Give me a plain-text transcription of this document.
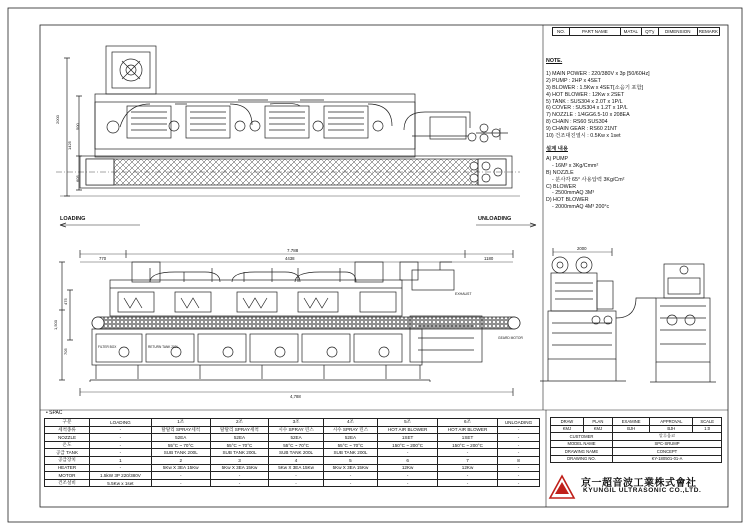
NO.	PART NAME	MATAL	QT'y	DIMENSION	REMARK
NOTE.
1) MAIN POWER : 220/380V x 3p [50/60Hz]
2) PUMP : 2HP x 4SET
3) BLOWER : 1.5Kw x 4SET[소음기 포함]
4) HOT BLOWER : 12Kw x 2SET
5) TANK : SUS304 x 2.0T x 1P/L
6) COVER : SUS304 x 1.2T x 1P/L
7) NOZZLE : 1/4GG6.5-10 x 208EA
8) CHAIN : RS60 SUS304
9) CHAIN GEAR : RS60 21NT
10) 건조대진열시 : 0.5Kw x 1set
설계 내용
A) PUMP
- 16M³ x 3Kg/Cmm²
B) NOZZLE
- 분사각 65° 사용압력 3Kg/Cm²
C) BLOWER
- 2500mmAQ 3M³
D) HOT BLOWER
- 2000mmAQ 4M³ 200°c
LOADING	UNLOADING
EXHAUST
GEARD MOTOR
FILTER BOX	RETURN TANK 200L
7.788
770	4438	1180
2000
1425
500
605
1,500
475
705
4,788
2000
• SPAC
구분	LOADING	1조	2조	3조	4조	5조	6조	UNLOADING
세척종류	-	탈탈리 SPRAY세척	탈탈리 SPRAY세척	시수 SPRAY 린스	시수 SPRAY 린스	HOT AIR BLOWER	HOT AIR BLOWER	-
NOZZLE	-	52EA	52EA	52EA	52EA	1SET	1SET	-
온도	-	55°C ~ 70°C	55°C ~ 70°C	55°C ~ 70°C	55°C ~ 70°C	150°C ~ 200°C	150°C ~ 200°C	-
공급 TANK	-	SUB TANK 200L	SUB TANK 200L	SUB TANK 200L	SUB TANK 200L	-	-	-
공급장치	1	2	3	4	5	6	7	8
HEATER	-	5Kw X 3EA 15Kw	5Kw X 3EA 15Kw	5Kw X 3EA 15Kw	5Kw X 3EA 15Kw	12Kw	12Kw	-
MOTOR	1.5kW 3P 220/380V	-	-	-	-	-	-	-
건조설비	5.5Kw x 1set	-	-	-	-	-	-	-
DRAW	PLAN	EXAMINE	APPROVAL	SCALE
KMJ	KMJ	BJH	BJH	1:0
CUSTOMER		알루움코		
MODEL NAME		SPC-SRUMP		
DRAWING NAME		CONCEPT		
DRAWING NO.		KY-180501-01-A		
京一超音波工業株式會社
KYUNGIL ULTRASONIC CO.,LTD.
